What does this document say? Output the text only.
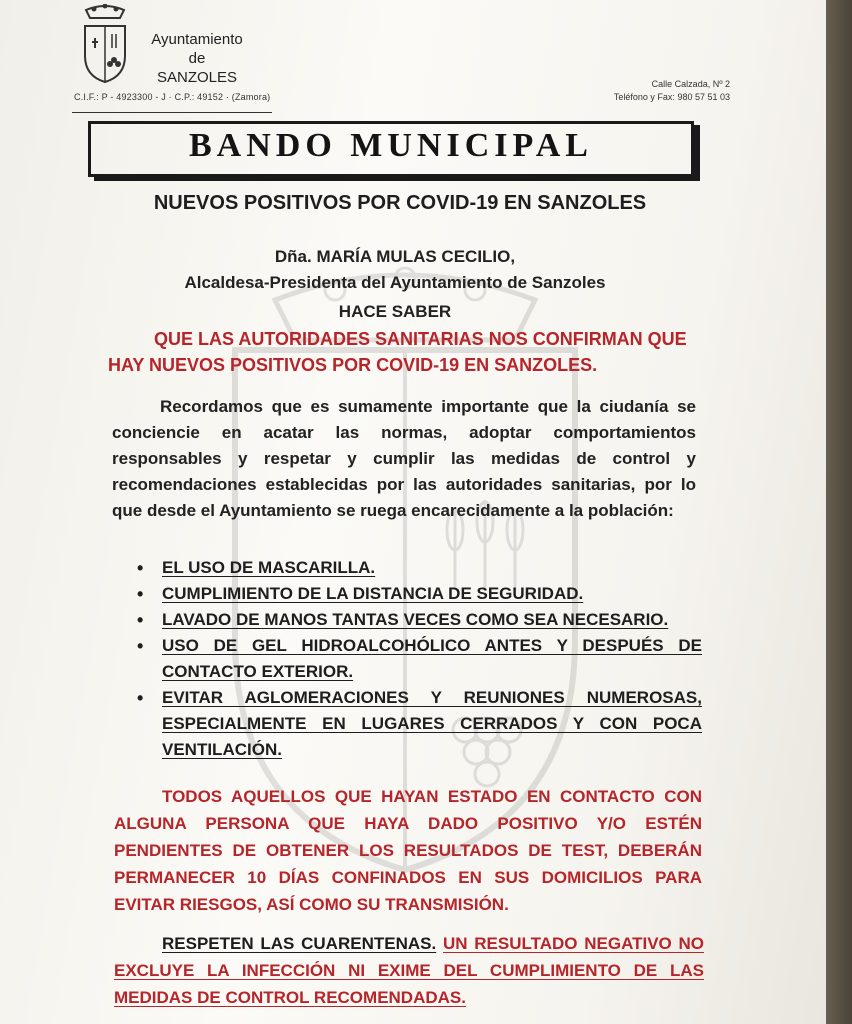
Ayuntamiento
de
SANZOLES
C.I.F.: P - 4923300 - J · C.P.: 49152 · (Zamora)
Calle Calzada, Nº 2
Teléfono y Fax: 980 57 51 03
BANDO MUNICIPAL
NUEVOS POSITIVOS POR COVID-19 EN SANZOLES
Dña. MARÍA MULAS CECILIO,
Alcaldesa-Presidenta del Ayuntamiento de Sanzoles
HACE SABER
QUE LAS AUTORIDADES SANITARIAS NOS CONFIRMAN QUE HAY NUEVOS POSITIVOS POR COVID-19 EN SANZOLES.
Recordamos que es sumamente importante que la ciudanía se conciencie en acatar las normas, adoptar comportamientos responsables y respetar y cumplir las medidas de control y recomendaciones establecidas por las autoridades sanitarias, por lo que desde el Ayuntamiento se ruega encarecidamente a la población:
• EL USO DE MASCARILLA.
• CUMPLIMIENTO DE LA DISTANCIA DE SEGURIDAD.
• LAVADO DE MANOS TANTAS VECES COMO SEA NECESARIO.
• USO DE GEL HIDROALCOHÓLICO ANTES Y DESPUÉS DE CONTACTO EXTERIOR.
• EVITAR AGLOMERACIONES Y REUNIONES NUMEROSAS, ESPECIALMENTE EN LUGARES CERRADOS Y CON POCA VENTILACIÓN.
TODOS AQUELLOS QUE HAYAN ESTADO EN CONTACTO CON ALGUNA PERSONA QUE HAYA DADO POSITIVO Y/O ESTÉN PENDIENTES DE OBTENER LOS RESULTADOS DE TEST, DEBERÁN PERMANECER 10 DÍAS CONFINADOS EN SUS DOMICILIOS PARA EVITAR RIESGOS, ASÍ COMO SU TRANSMISIÓN.
RESPETEN LAS CUARENTENAS. UN RESULTADO NEGATIVO NO EXCLUYE LA INFECCIÓN NI EXIME DEL CUMPLIMIENTO DE LAS MEDIDAS DE CONTROL RECOMENDADAS.
